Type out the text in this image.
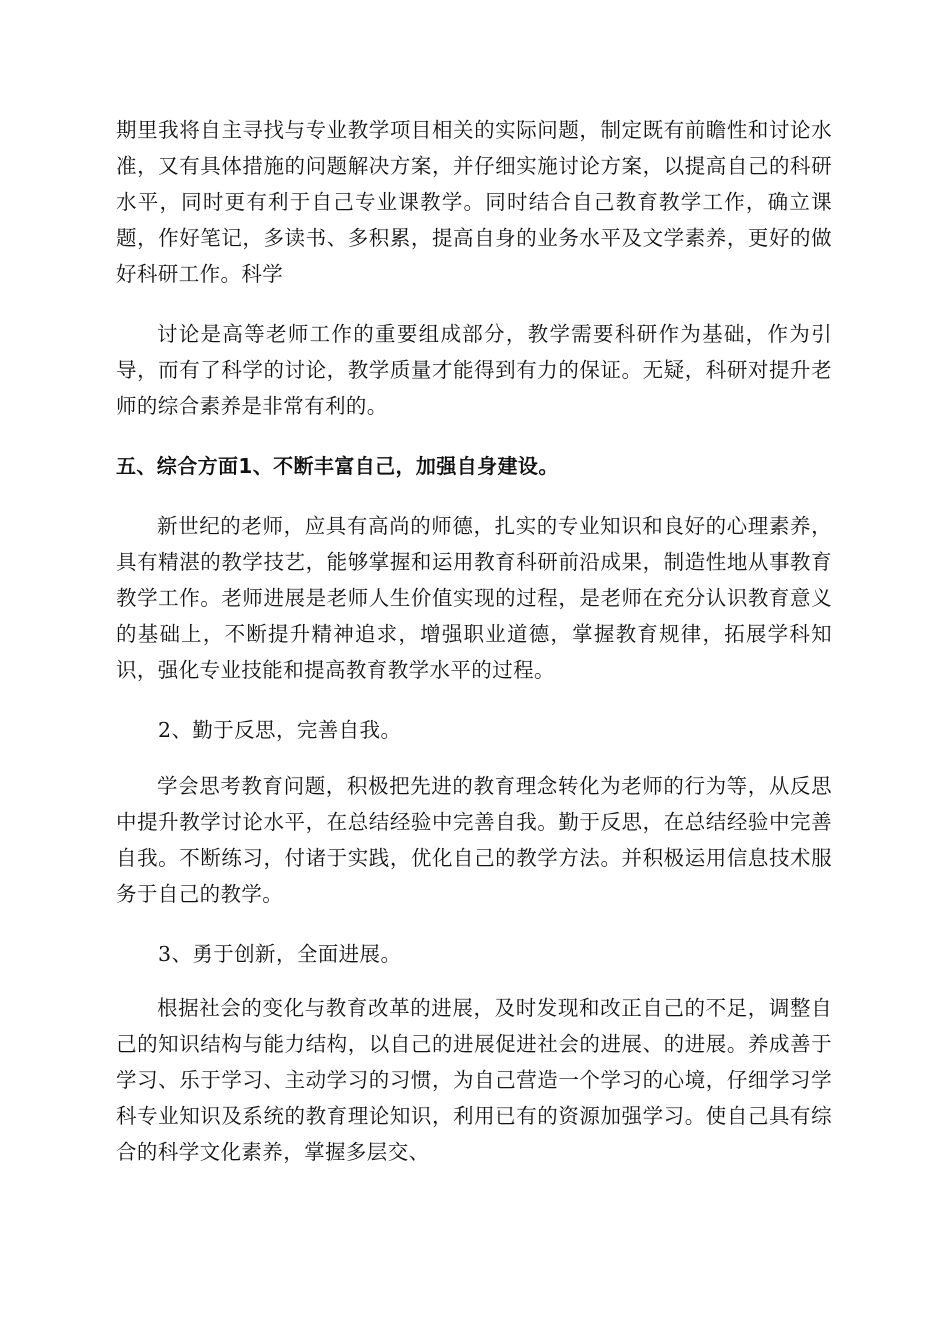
期里我将自主寻找与专业教学项目相关的实际问题，制定既有前瞻性和讨论水准，又有具体措施的问题解决方案，并仔细实施讨论方案，以提高自己的科研水平，同时更有利于自己专业课教学。同时结合自己教育教学工作，确立课题，作好笔记，多读书、多积累，提高自身的业务水平及文学素养，更好的做好科研工作。科学

讨论是高等老师工作的重要组成部分，教学需要科研作为基础，作为引导，而有了科学的讨论，教学质量才能得到有力的保证。无疑，科研对提升老师的综合素养是非常有利的。

五、综合方面1、不断丰富自己，加强自身建设。

新世纪的老师，应具有高尚的师德，扎实的专业知识和良好的心理素养，具有精湛的教学技艺，能够掌握和运用教育科研前沿成果，制造性地从事教育教学工作。老师进展是老师人生价值实现的过程，是老师在充分认识教育意义的基础上，不断提升精神追求，增强职业道德，掌握教育规律，拓展学科知识，强化专业技能和提高教育教学水平的过程。

2、勤于反思，完善自我。

学会思考教育问题，积极把先进的教育理念转化为老师的行为等，从反思中提升教学讨论水平，在总结经验中完善自我。勤于反思，在总结经验中完善自我。不断练习，付诸于实践，优化自己的教学方法。并积极运用信息技术服务于自己的教学。

3、勇于创新，全面进展。

根据社会的变化与教育改革的进展，及时发现和改正自己的不足，调整自己的知识结构与能力结构，以自己的进展促进社会的进展、的进展。养成善于学习、乐于学习、主动学习的习惯，为自己营造一个学习的心境，仔细学习学科专业知识及系统的教育理论知识，利用已有的资源加强学习。使自己具有综合的科学文化素养，掌握多层交、
